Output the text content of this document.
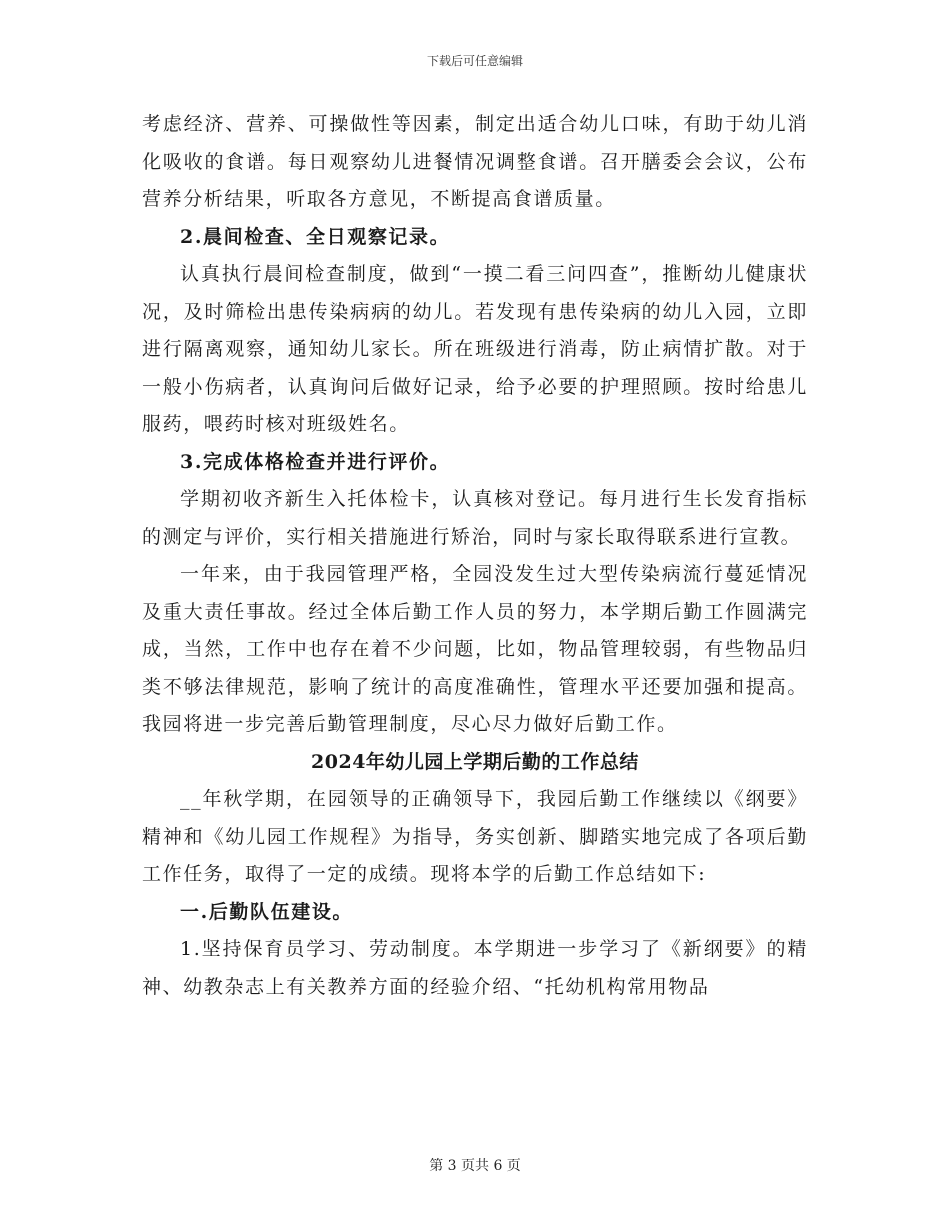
下载后可任意编辑

考虑经济、营养、可操做性等因素，制定出适合幼儿口味，有助于幼儿消化吸收的食谱。每日观察幼儿进餐情况调整食谱。召开膳委会会议，公布营养分析结果，听取各方意见，不断提高食谱质量。

2.晨间检查、全日观察记录。

认真执行晨间检查制度，做到“一摸二看三问四查”，推断幼儿健康状况，及时筛检出患传染病病的幼儿。若发现有患传染病的幼儿入园，立即进行隔离观察，通知幼儿家长。所在班级进行消毒，防止病情扩散。对于一般小伤病者，认真询问后做好记录，给予必要的护理照顾。按时给患儿服药，喂药时核对班级姓名。

3.完成体格检查并进行评价。

学期初收齐新生入托体检卡，认真核对登记。每月进行生长发育指标的测定与评价，实行相关措施进行矫治，同时与家长取得联系进行宣教。

一年来，由于我园管理严格，全园没发生过大型传染病流行蔓延情况及重大责任事故。经过全体后勤工作人员的努力，本学期后勤工作圆满完成，当然，工作中也存在着不少问题，比如，物品管理较弱，有些物品归类不够法律规范，影响了统计的高度准确性，管理水平还要加强和提高。我园将进一步完善后勤管理制度，尽心尽力做好后勤工作。

2024年幼儿园上学期后勤的工作总结

__年秋学期，在园领导的正确领导下，我园后勤工作继续以《纲要》精神和《幼儿园工作规程》为指导，务实创新、脚踏实地完成了各项后勤工作任务，取得了一定的成绩。现将本学的后勤工作总结如下:

一.后勤队伍建设。

1.坚持保育员学习、劳动制度。本学期进一步学习了《新纲要》的精神、幼教杂志上有关教养方面的经验介绍、“托幼机构常用物品

第 3 页共 6 页
